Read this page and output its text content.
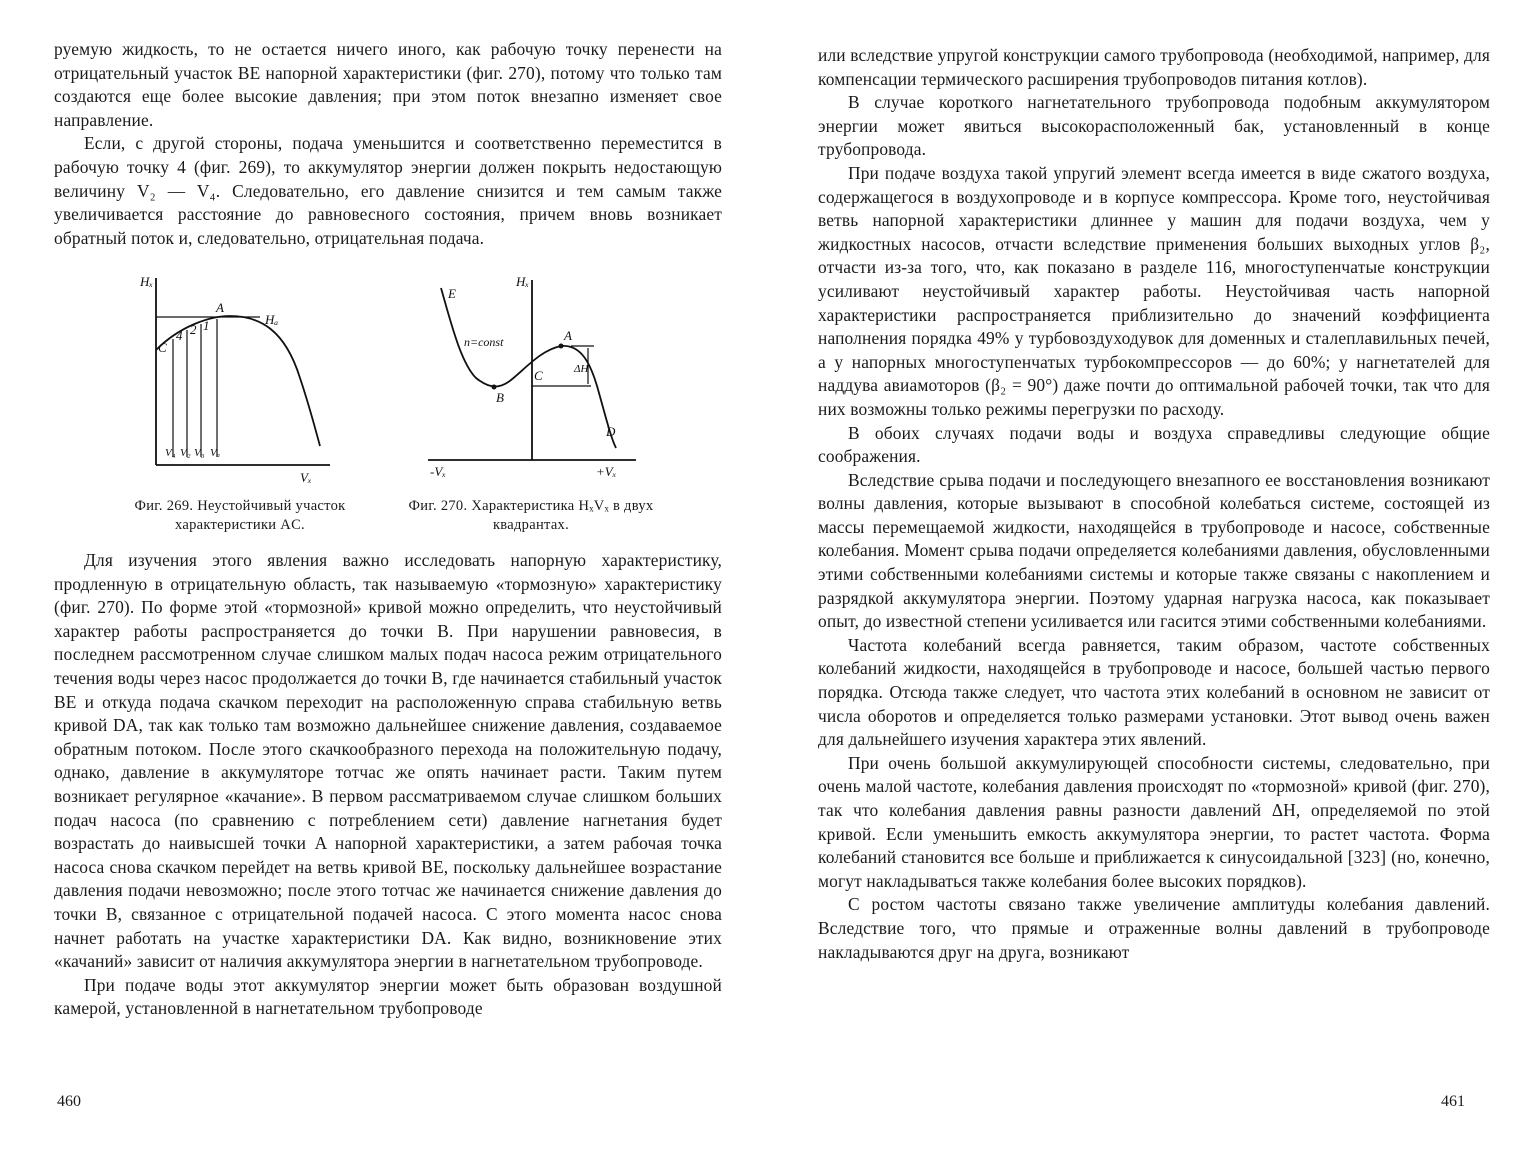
руемую жидкость, то не остается ничего иного, как рабочую точку перенести на отрицательный участок BE напорной характеристики (фиг. 270), потому что только там создаются еще более высокие давления; при этом поток внезапно изменяет свое направление.

Если, с другой стороны, подача уменьшится и соответственно переместится в рабочую точку 4 (фиг. 269), то аккумулятор энергии должен покрыть недостающую величину V₂ — V₄. Следовательно, его давление снизится и тем самым также увеличивается расстояние до равновесного состояния, причем вновь возникает обратный поток и, следовательно, отрицательная подача.

Hₓ
Vₓ
A
C
Hₐ
4 2 1
V₄ V₂ V₃ Vₐ
Hₓ
-Vₓ	+Vₓ
E
n=const	A
B
C
D
ΔH
Фиг. 269. Неустойчивый участок характеристики AC.
Фиг. 270. Характеристика HₓVₓ в двух квадрантах.

Для изучения этого явления важно исследовать напорную характеристику, продленную в отрицательную область, так называемую «тормозную» характеристику (фиг. 270). По форме этой «тормозной» кривой можно определить, что неустойчивый характер работы распространяется до точки B. При нарушении равновесия, в последнем рассмотренном случае слишком малых подач насоса режим отрицательного течения воды через насос продолжается до точки B, где начинается стабильный участок BE и откуда подача скачком переходит на расположенную справа стабильную ветвь кривой DA, так как только там возможно дальнейшее снижение давления, создаваемое обратным потоком. После этого скачкообразного перехода на положительную подачу, однако, давление в аккумуляторе тотчас же опять начинает расти. Таким путем возникает регулярное «качание». В первом рассматриваемом случае слишком больших подач насоса (по сравнению с потреблением сети) давление нагнетания будет возрастать до наивысшей точки A напорной характеристики, а затем рабочая точка насоса снова скачком перейдет на ветвь кривой BE, поскольку дальнейшее возрастание давления подачи невозможно; после этого тотчас же начинается снижение давления до точки B, связанное с отрицательной подачей насоса. С этого момента насос снова начнет работать на участке характеристики DA. Как видно, возникновение этих «качаний» зависит от наличия аккумулятора энергии в нагнетательном трубопроводе.

При подаче воды этот аккумулятор энергии может быть образован воздушной камерой, установленной в нагнетательном трубопроводе

460

или вследствие упругой конструкции самого трубопровода (необходимой, например, для компенсации термического расширения трубопроводов питания котлов).

В случае короткого нагнетательного трубопровода подобным аккумулятором энергии может явиться высокорасположенный бак, установленный в конце трубопровода.

При подаче воздуха такой упругий элемент всегда имеется в виде сжатого воздуха, содержащегося в воздухопроводе и в корпусе компрессора. Кроме того, неустойчивая ветвь напорной характеристики длиннее у машин для подачи воздуха, чем у жидкостных насосов, отчасти вследствие применения больших выходных углов β₂, отчасти из-за того, что, как показано в разделе 116, многоступенчатые конструкции усиливают неустойчивый характер работы. Неустойчивая часть напорной характеристики распространяется приблизительно до значений коэффициента наполнения порядка 49% у турбовоздуходувок для доменных и сталеплавильных печей, а у напорных многоступенчатых турбокомпрессоров — до 60%; у нагнетателей для наддува авиамоторов (β₂ = 90°) даже почти до оптимальной рабочей точки, так что для них возможны только режимы перегрузки по расходу.

В обоих случаях подачи воды и воздуха справедливы следующие общие соображения.

Вследствие срыва подачи и последующего внезапного ее восстановления возникают волны давления, которые вызывают в способной колебаться системе, состоящей из массы перемещаемой жидкости, находящейся в трубопроводе и насосе, собственные колебания. Момент срыва подачи определяется колебаниями давления, обусловленными этими собственными колебаниями системы и которые также связаны с накоплением и разрядкой аккумулятора энергии. Поэтому ударная нагрузка насоса, как показывает опыт, до известной степени усиливается или гасится этими собственными колебаниями.

Частота колебаний всегда равняется, таким образом, частоте собственных колебаний жидкости, находящейся в трубопроводе и насосе, большей частью первого порядка. Отсюда также следует, что частота этих колебаний в основном не зависит от числа оборотов и определяется только размерами установки. Этот вывод очень важен для дальнейшего изучения характера этих явлений.

При очень большой аккумулирующей способности системы, следовательно, при очень малой частоте, колебания давления происходят по «тормозной» кривой (фиг. 270), так что колебания давления равны разности давлений ΔH, определяемой по этой кривой. Если уменьшить емкость аккумулятора энергии, то растет частота. Форма колебаний становится все больше и приближается к синусоидальной [323] (но, конечно, могут накладываться также колебания более высоких порядков).

С ростом частоты связано также увеличение амплитуды колебания давлений. Вследствие того, что прямые и отраженные волны давлений в трубопроводе накладываются друг на друга, возникают

461
